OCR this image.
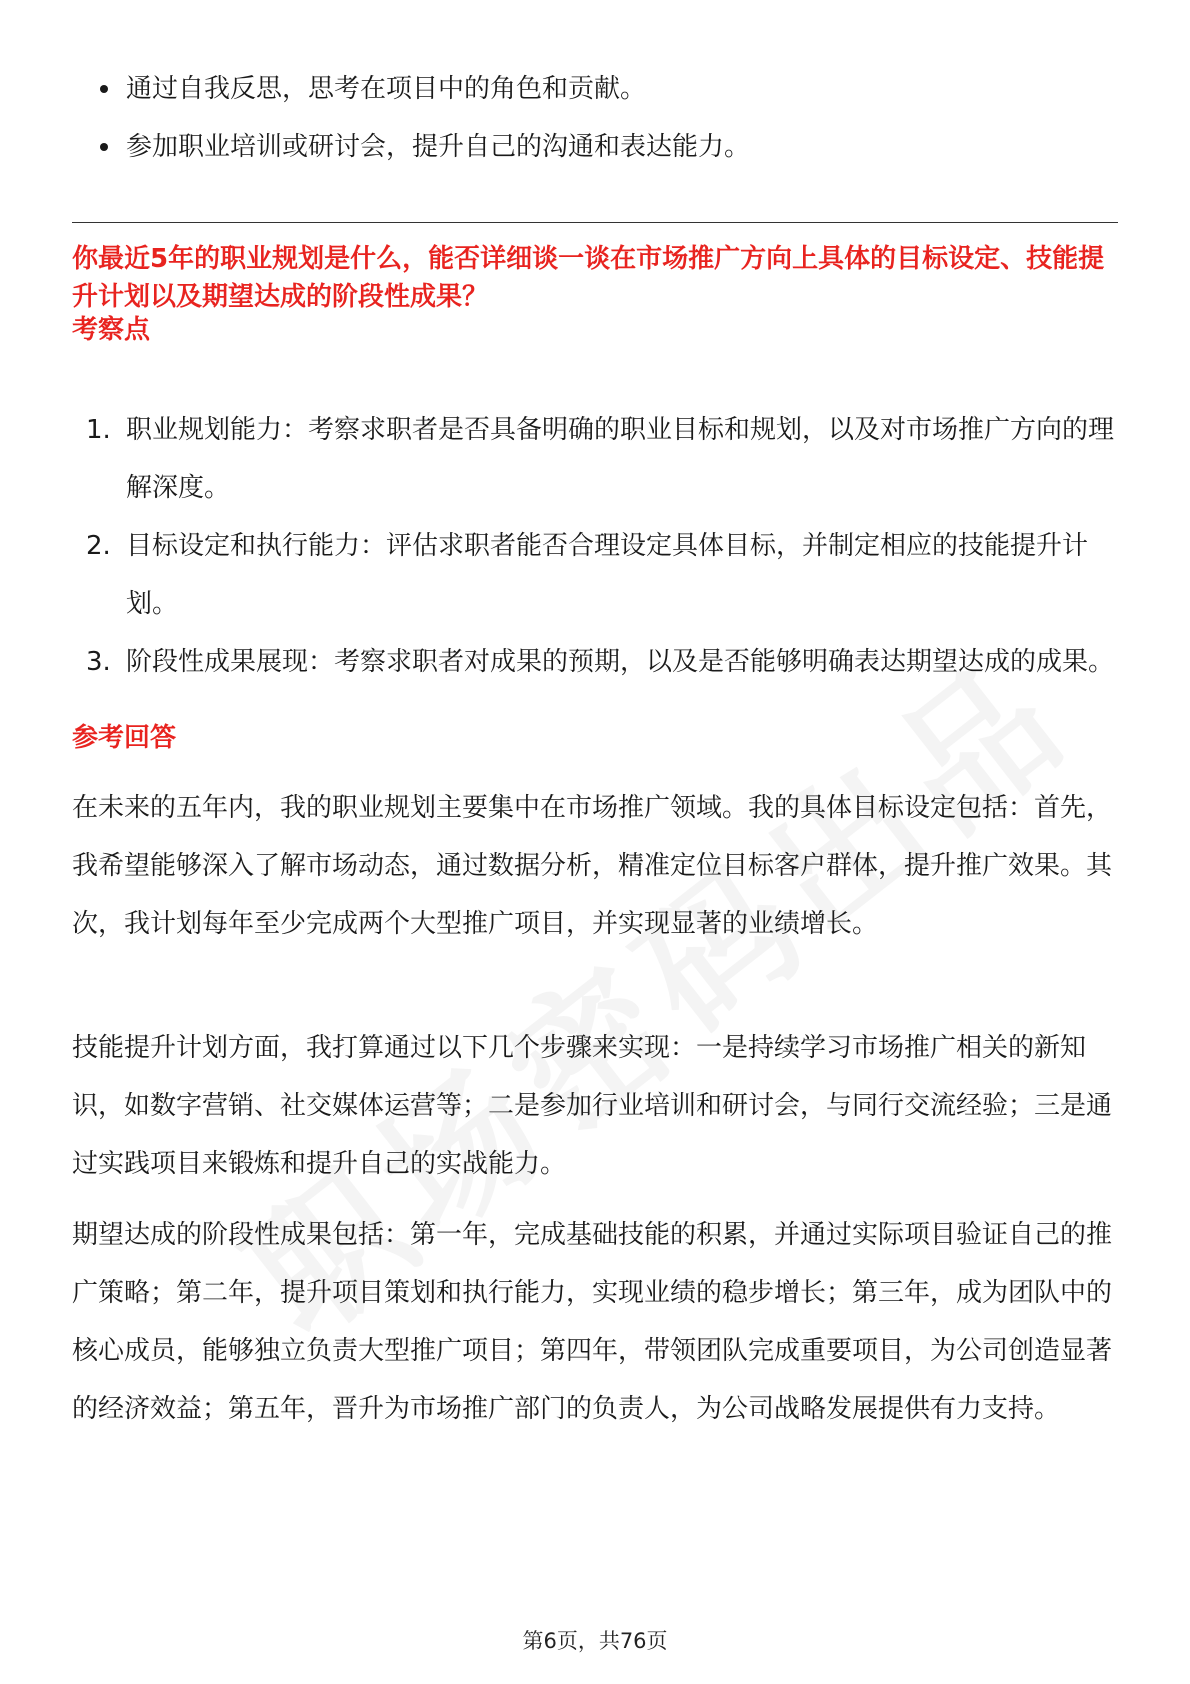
通过自我反思，思考在项目中的角色和贡献。
参加职业培训或研讨会，提升自己的沟通和表达能力。
你最近5年的职业规划是什么，能否详细谈一谈在市场推广方向上具体的目标设定、技能提升计划以及期望达成的阶段性成果？
考察点
1. 职业规划能力：考察求职者是否具备明确的职业目标和规划，以及对市场推广方向的理解深度。
2. 目标设定和执行能力：评估求职者能否合理设定具体目标，并制定相应的技能提升计划。
3. 阶段性成果展现：考察求职者对成果的预期，以及是否能够明确表达期望达成的成果。
参考回答

在未来的五年内，我的职业规划主要集中在市场推广领域。我的具体目标设定包括：首先，我希望能够深入了解市场动态，通过数据分析，精准定位目标客户群体，提升推广效果。其次，我计划每年至少完成两个大型推广项目，并实现显著的业绩增长。

技能提升计划方面，我打算通过以下几个步骤来实现：一是持续学习市场推广相关的新知识，如数字营销、社交媒体运营等；二是参加行业培训和研讨会，与同行交流经验；三是通过实践项目来锻炼和提升自己的实战能力。

期望达成的阶段性成果包括：第一年，完成基础技能的积累，并通过实际项目验证自己的推广策略；第二年，提升项目策划和执行能力，实现业绩的稳步增长；第三年，成为团队中的核心成员，能够独立负责大型推广项目；第四年，带领团队完成重要项目，为公司创造显著的经济效益；第五年，晋升为市场推广部门的负责人，为公司战略发展提供有力支持。

第6页，共76页
